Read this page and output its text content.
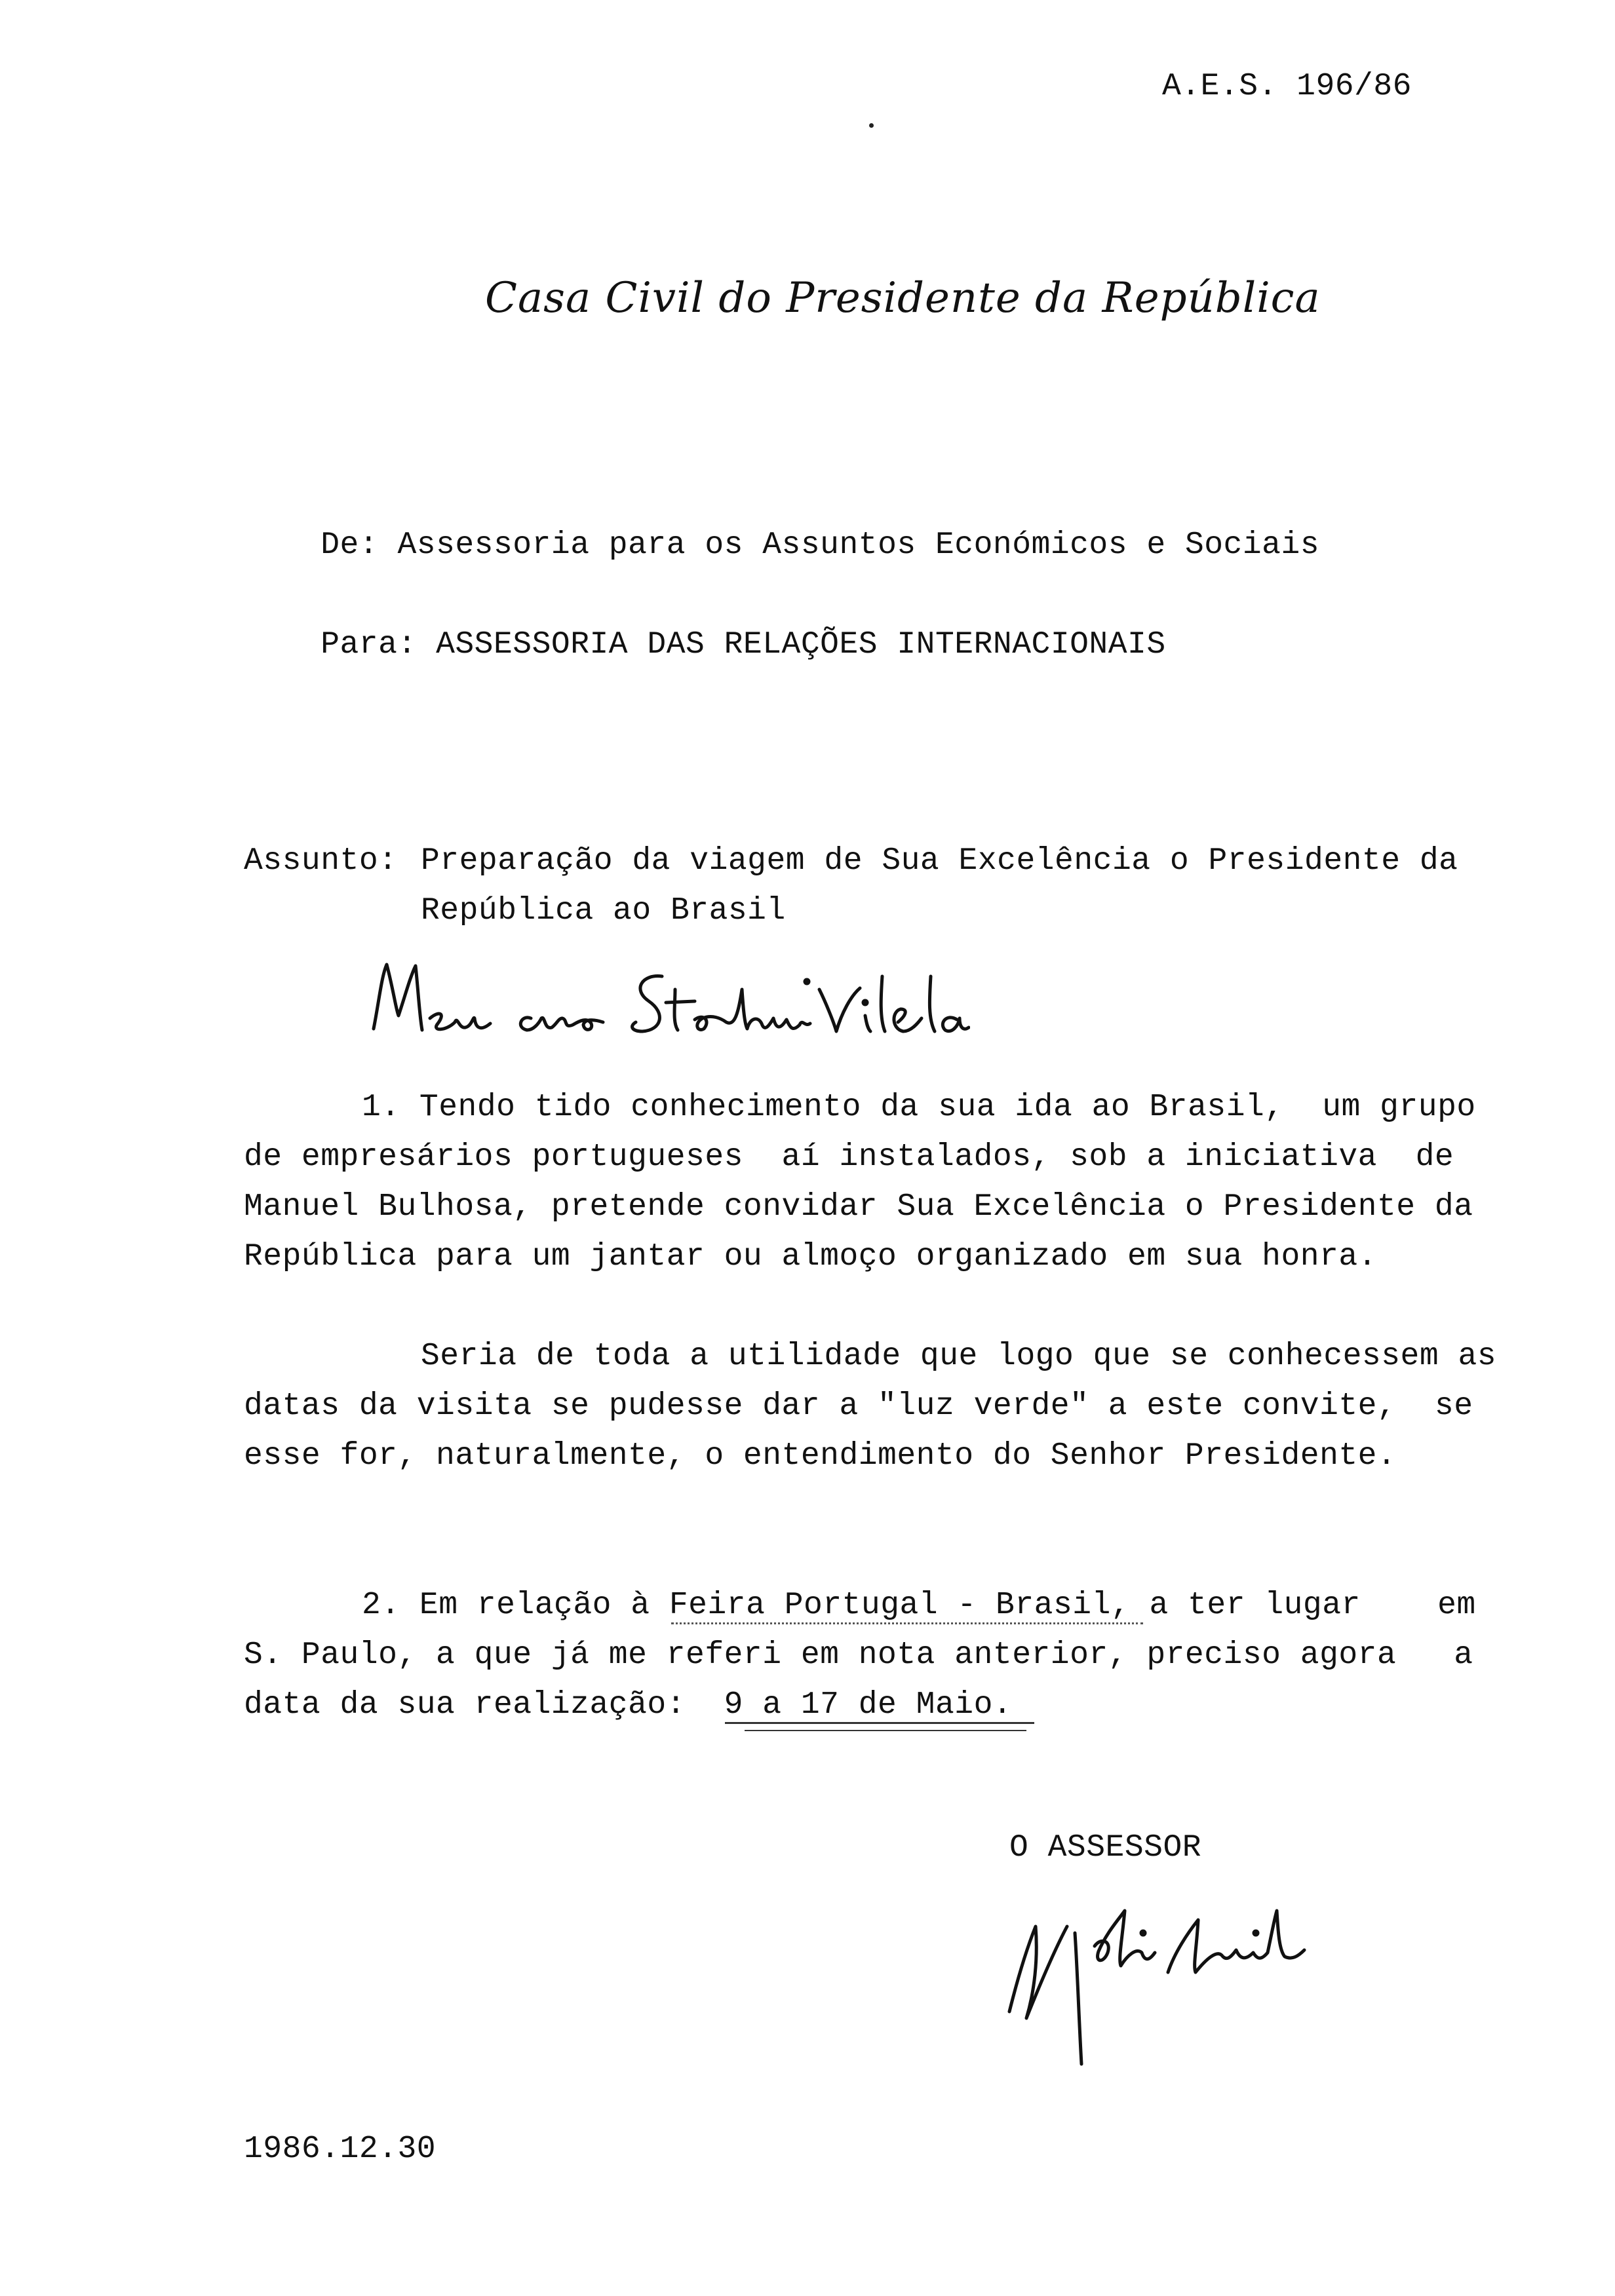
A.E.S. 196/86
Casa Civil do Presidente da República

De: Assessoria para os Assuntos Económicos e Sociais

Para: ASSESSORIA DAS RELAÇÕES INTERNACIONAIS

Assunto: Preparação da viagem de Sua Excelência o Presidente da
República ao Brasil
1. Tendo tido conhecimento da sua ida ao Brasil,  um grupo
de empresários portugueses  aí instalados, sob a iniciativa  de
Manuel Bulhosa, pretende convidar Sua Excelência o Presidente da
República para um jantar ou almoço organizado em sua honra.
Seria de toda a utilidade que logo que se conhecessem as
datas da visita se pudesse dar a "luz verde" a este convite,  se
esse for, naturalmente, o entendimento do Senhor Presidente.
2. Em relação à Feira Portugal - Brasil, a ter lugar    em
S. Paulo, a que já me referi em nota anterior, preciso agora   a
data da sua realização:  9 a 17 de Maio.
O ASSESSOR
1986.12.30
